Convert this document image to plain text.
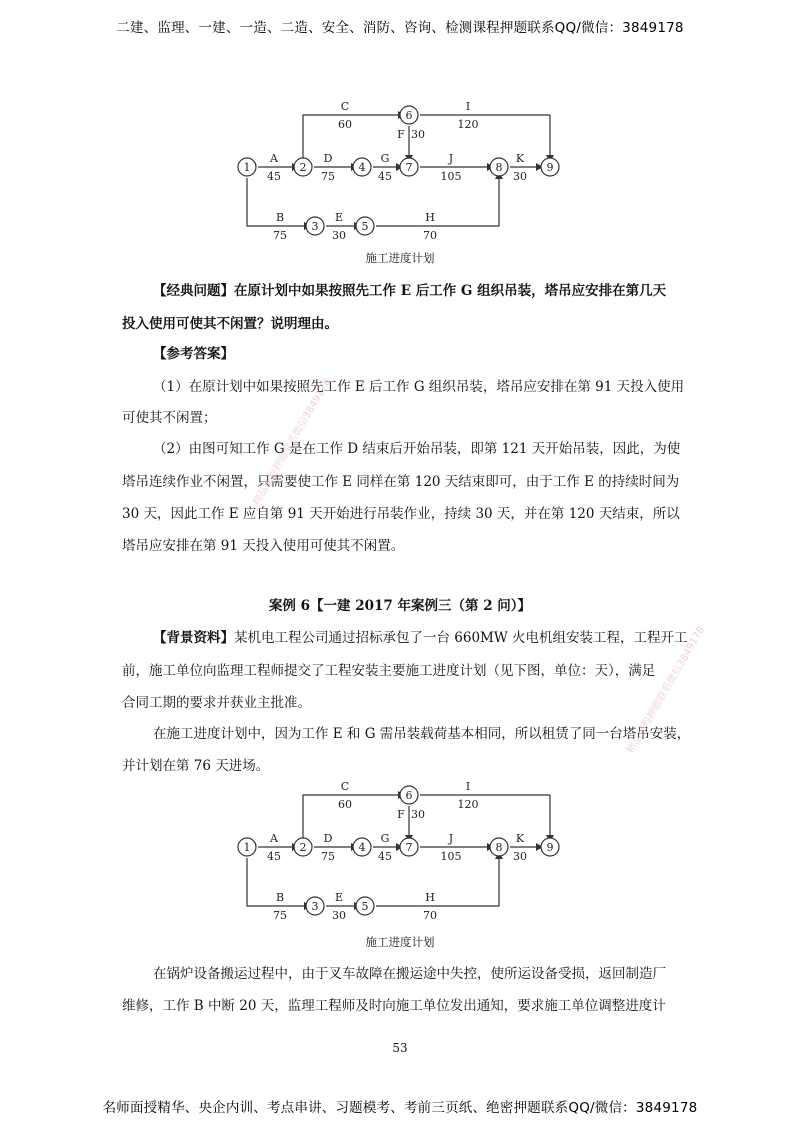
二建、监理、一建、一造、二造、安全、消防、咨询、检测课程押题联系QQ/微信：3849178
1	2
3
4
5
6
7	8	9
A
45
B
75
C
60
D
75
E
30
F 30
G
45
H
70
I
120
J
105
K
30
施工进度计划
【经典问题】在原计划中如果按照先工作 E 后工作 G 组织吊装，塔吊应安排在第几天
投入使用可使其不闲置？说明理由。
【参考答案】
（1）在原计划中如果按照先工作 E 后工作 G 组织吊装，塔吊应安排在第 91 天投入使用
可使其不闲置；
（2）由图可知工作 G 是在工作 D 结束后开始吊装，即第 121 天开始吊装，因此，为使
塔吊连续作业不闲置，只需要使工作 E 同样在第 120 天结束即可，由于工作 E 的持续时间为
30 天，因此工作 E 应自第 91 天开始进行吊装作业，持续 30 天，并在第 120 天结束，所以
塔吊应安排在第 91 天投入使用可使其不闲置。
案例 6【一建 2017 年案例三（第 2 问）】
【背景资料】某机电工程公司通过招标承包了一台 660MW 火电机组安装工程，工程开工
前，施工单位向监理工程师提交了工程安装主要施工进度计划（见下图，单位：天），满足
合同工期的要求并获业主批准。
在施工进度计划中，因为工作 E 和 G 需吊装载荷基本相同，所以租赁了同一台塔吊安装，
并计划在第 76 天进场。
1	2
3
4
5
6
7	8	9
A
45
B
75
C
60
D
75
E
30
F 30
G
45
H
70
I
120
J
105
K
30
施工进度计划
在锅炉设备搬运过程中，由于叉车故障在搬运途中失控，使所运设备受损，返回制造厂
维修，工作 B 中断 20 天，监理工程师及时向施工单位发出通知，要求施工单位调整进度计
53
精品课程押题联系微信3849178
精品课程押题联系微信3849178
名师面授精华、央企内训、考点串讲、习题模考、考前三页纸、绝密押题联系QQ/微信：3849178
